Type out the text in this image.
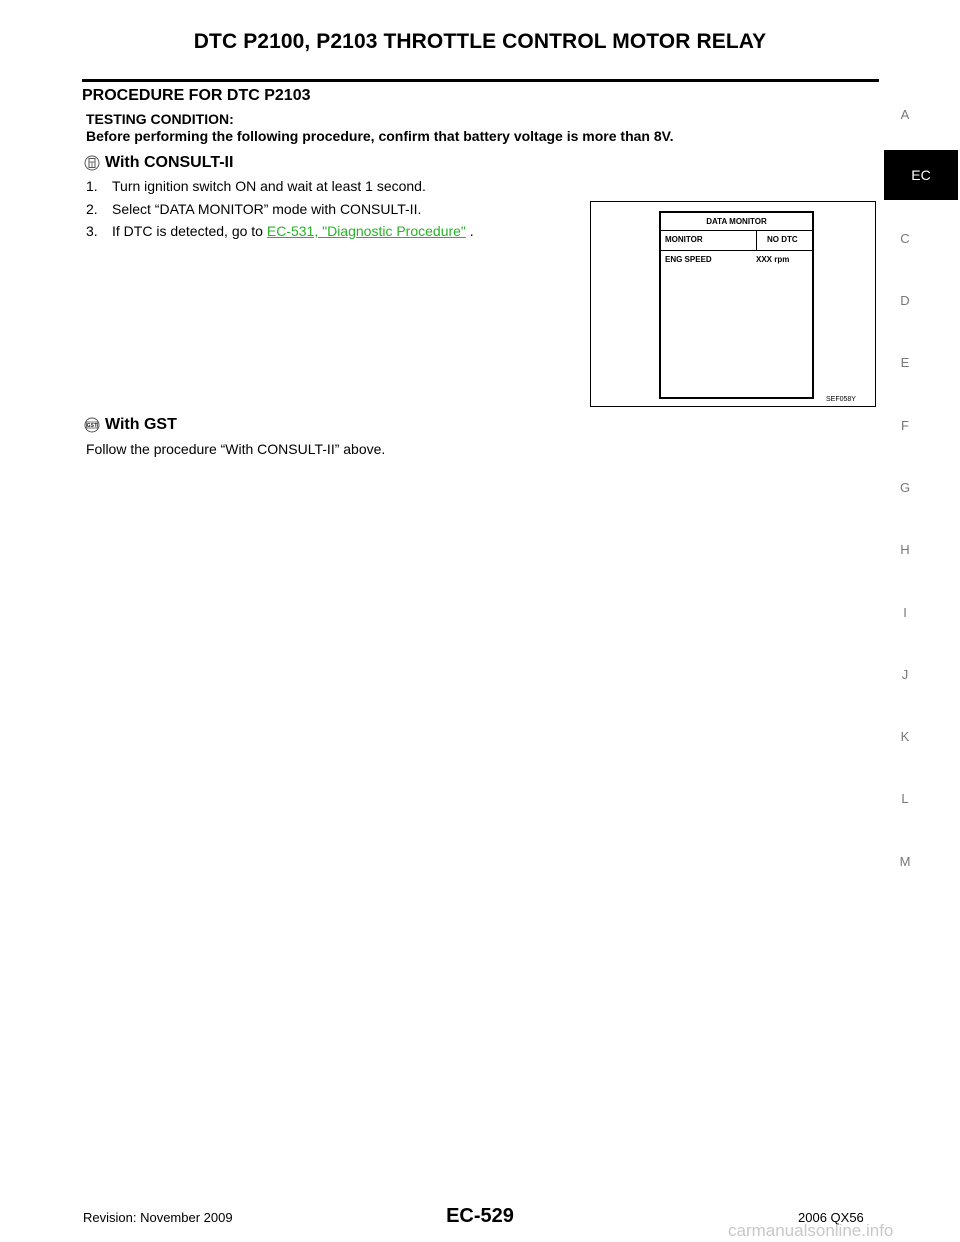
DTC P2100, P2103 THROTTLE CONTROL MOTOR RELAY
PROCEDURE FOR DTC P2103
TESTING CONDITION:
Before performing the following procedure, confirm that battery voltage is more than 8V.
With CONSULT-II
1. Turn ignition switch ON and wait at least 1 second.
2. Select “DATA MONITOR” mode with CONSULT-II.
3. If DTC is detected, go to EC-531, "Diagnostic Procedure" .
DATA MONITOR
MONITOR	NO DTC
ENG SPEED	XXX rpm
SEF058Y
GST With GST
Follow the procedure “With CONSULT-II” above.
A
EC
C
D
E
F
G
H
I
J
K
L
M
Revision: November 2009	EC-529	2006 QX56
carmanualsonline.info
